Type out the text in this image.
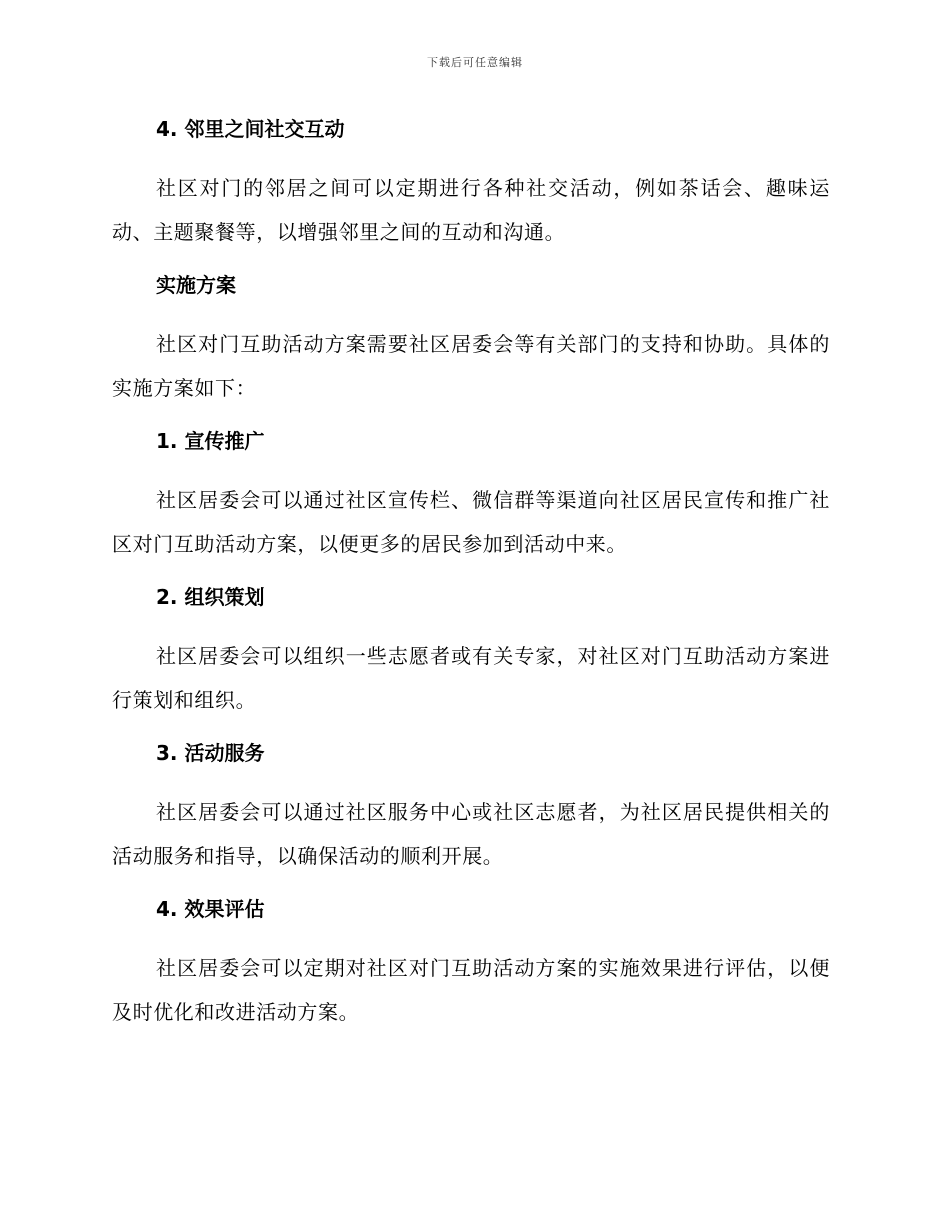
下载后可任意编辑
4. 邻里之间社交互动

社区对门的邻居之间可以定期进行各种社交活动，例如茶话会、趣味运动、主题聚餐等，以增强邻里之间的互动和沟通。

实施方案

社区对门互助活动方案需要社区居委会等有关部门的支持和协助。具体的实施方案如下：

1. 宣传推广

社区居委会可以通过社区宣传栏、微信群等渠道向社区居民宣传和推广社区对门互助活动方案，以便更多的居民参加到活动中来。

2. 组织策划

社区居委会可以组织一些志愿者或有关专家，对社区对门互助活动方案进行策划和组织。

3. 活动服务

社区居委会可以通过社区服务中心或社区志愿者，为社区居民提供相关的活动服务和指导，以确保活动的顺利开展。

4. 效果评估

社区居委会可以定期对社区对门互助活动方案的实施效果进行评估，以便及时优化和改进活动方案。
